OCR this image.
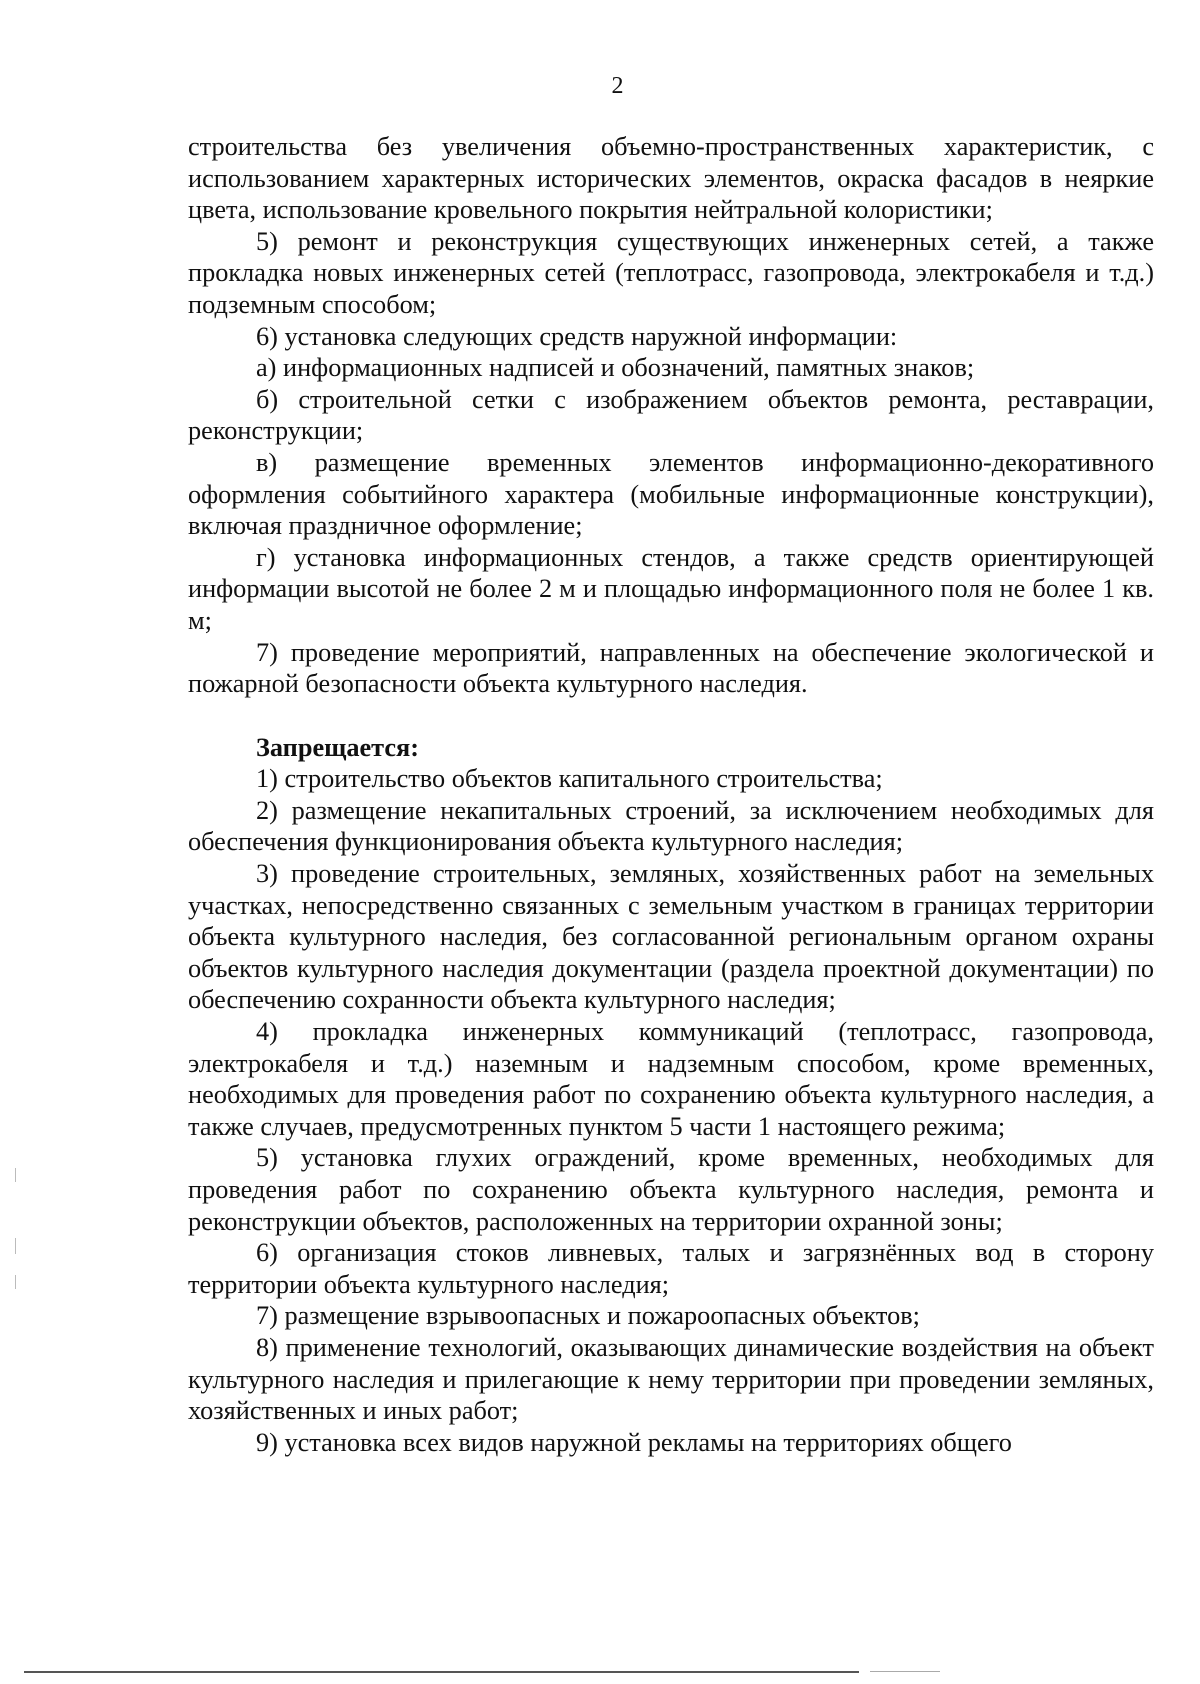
2

строительства без увеличения объемно-пространственных характеристик, с использованием характерных исторических элементов, окраска фасадов в неяркие цвета, использование кровельного покрытия нейтральной колористики;

5) ремонт и реконструкция существующих инженерных сетей, а также прокладка новых инженерных сетей (теплотрасс, газопровода, электрокабеля и т.д.) подземным способом;

6) установка следующих средств наружной информации:

а) информационных надписей и обозначений, памятных знаков;

б) строительной сетки с изображением объектов ремонта, реставрации, реконструкции;

в) размещение временных элементов информационно-декоративного оформления событийного характера (мобильные информационные конструкции), включая праздничное оформление;

г) установка информационных стендов, а также средств ориентирующей информации высотой не более 2 м и площадью информационного поля не более 1 кв. м;

7) проведение мероприятий, направленных на обеспечение экологической и пожарной безопасности объекта культурного наследия.

Запрещается:

1) строительство объектов капитального строительства;

2) размещение некапитальных строений, за исключением необходимых для обеспечения функционирования объекта культурного наследия;

3) проведение строительных, земляных, хозяйственных работ на земельных участках, непосредственно связанных с земельным участком в границах территории объекта культурного наследия, без согласованной региональным органом охраны объектов культурного наследия документации (раздела проектной документации) по обеспечению сохранности объекта культурного наследия;

4) прокладка инженерных коммуникаций (теплотрасс, газопровода, электрокабеля и т.д.) наземным и надземным способом, кроме временных, необходимых для проведения работ по сохранению объекта культурного наследия, а также случаев, предусмотренных пунктом 5 части 1 настоящего режима;

5) установка глухих ограждений, кроме временных, необходимых для проведения работ по сохранению объекта культурного наследия, ремонта и реконструкции объектов, расположенных на территории охранной зоны;

6) организация стоков ливневых, талых и загрязнённых вод в сторону территории объекта культурного наследия;

7) размещение взрывоопасных и пожароопасных объектов;

8) применение технологий, оказывающих динамические воздействия на объект культурного наследия и прилегающие к нему территории при проведении земляных, хозяйственных и иных работ;

9) установка всех видов наружной рекламы на территориях общего
